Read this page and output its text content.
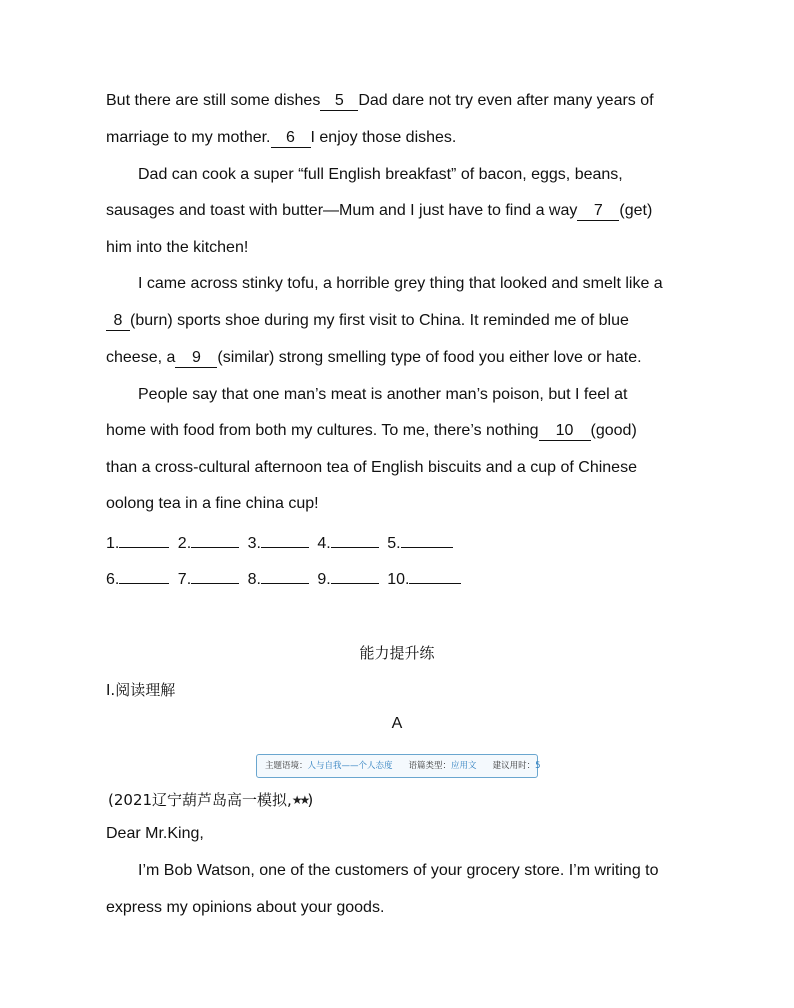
But there are still some dishes 5 Dad dare not try even after many years of
marriage to my mother. 6 I enjoy those dishes.
Dad can cook a super “full English breakfast” of bacon, eggs, beans,
sausages and toast with butter—Mum and I just have to find a way 7 (get)
him into the kitchen!
I came across stinky tofu, a horrible grey thing that looked and smelt like a
8 (burn) sports shoe during my first visit to China. It reminded me of blue
cheese, a 9 (similar) strong smelling type of food you either love or hate.
People say that one man’s meat is another man’s poison, but I feel at
home with food from both my cultures. To me, there’s nothing 10 (good)
than a cross-cultural afternoon tea of English biscuits and a cup of Chinese
oolong tea in a fine china cup!
1.	2.	3.	4.	5.
6.	7.	8.	9.	10.
能力提升练
I.阅读理解
A
主题语境：人与自我——个人态度 语篇类型：应用文 建议用时：5
(2021辽宁葫芦岛高一模拟,★★)
Dear Mr.King,
I’m Bob Watson, one of the customers of your grocery store. I’m writing to
express my opinions about your goods.
